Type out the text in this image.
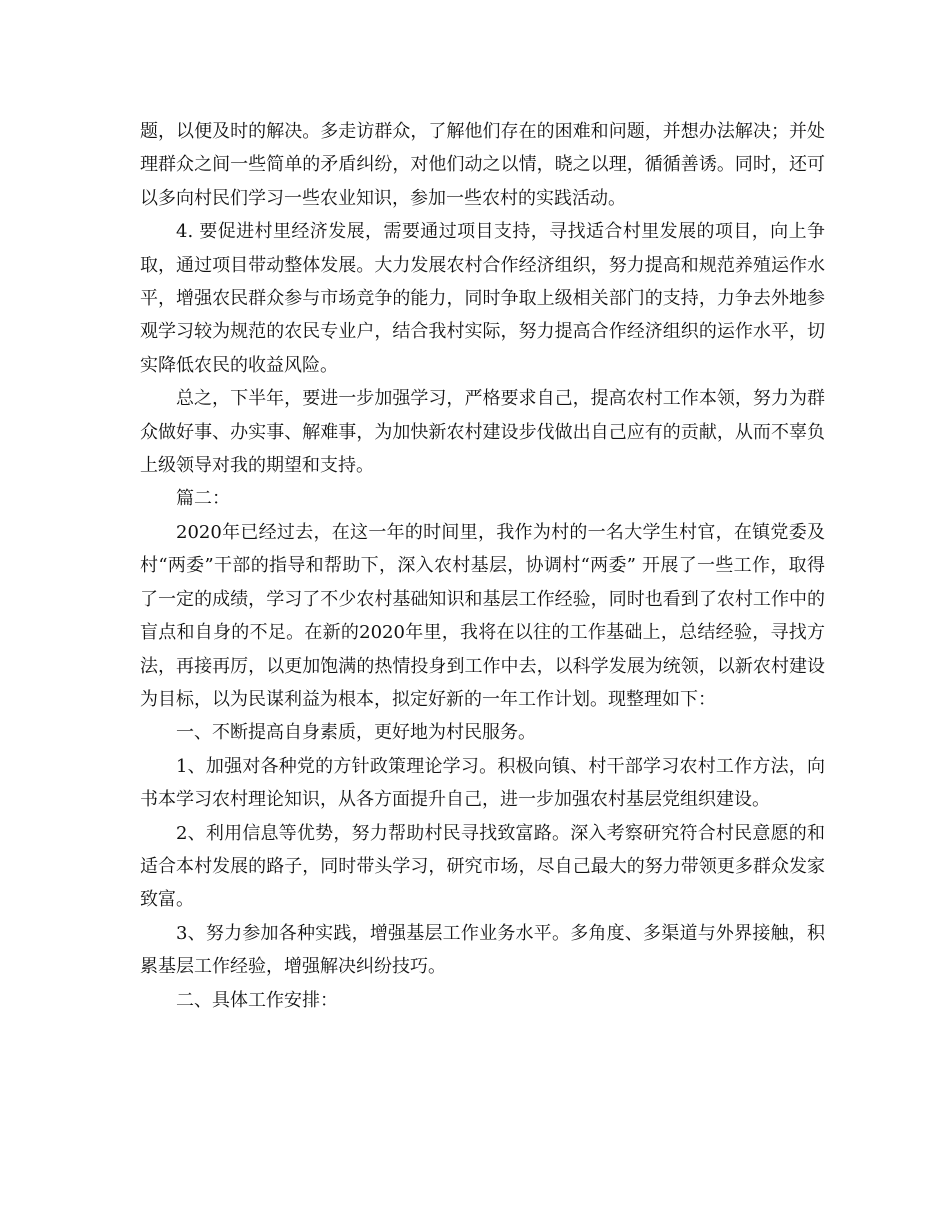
题，以便及时的解决。多走访群众，了解他们存在的困难和问题，并想办法解决；并处理群众之间一些简单的矛盾纠纷，对他们动之以情，晓之以理，循循善诱。同时，还可以多向村民们学习一些农业知识，参加一些农村的实践活动。

4. 要促进村里经济发展，需要通过项目支持，寻找适合村里发展的项目，向上争取，通过项目带动整体发展。大力发展农村合作经济组织，努力提高和规范养殖运作水平，增强农民群众参与市场竞争的能力，同时争取上级相关部门的支持，力争去外地参观学习较为规范的农民专业户，结合我村实际，努力提高合作经济组织的运作水平，切实降低农民的收益风险。

总之，下半年，要进一步加强学习，严格要求自己，提高农村工作本领，努力为群众做好事、办实事、解难事，为加快新农村建设步伐做出自己应有的贡献，从而不辜负上级领导对我的期望和支持。

篇二：

2020年已经过去，在这一年的时间里，我作为村的一名大学生村官，在镇党委及村“两委”干部的指导和帮助下，深入农村基层，协调村“两委” 开展了一些工作，取得了一定的成绩，学习了不少农村基础知识和基层工作经验，同时也看到了农村工作中的盲点和自身的不足。在新的2020年里，我将在以往的工作基础上，总结经验，寻找方法，再接再厉，以更加饱满的热情投身到工作中去，以科学发展为统领，以新农村建设为目标，以为民谋利益为根本，拟定好新的一年工作计划。现整理如下：

一、不断提高自身素质，更好地为村民服务。

1、加强对各种党的方针政策理论学习。积极向镇、村干部学习农村工作方法，向书本学习农村理论知识，从各方面提升自己，进一步加强农村基层党组织建设。

2、利用信息等优势，努力帮助村民寻找致富路。深入考察研究符合村民意愿的和适合本村发展的路子，同时带头学习，研究市场，尽自己最大的努力带领更多群众发家致富。

3、努力参加各种实践，增强基层工作业务水平。多角度、多渠道与外界接触，积累基层工作经验，增强解决纠纷技巧。

二、具体工作安排：
